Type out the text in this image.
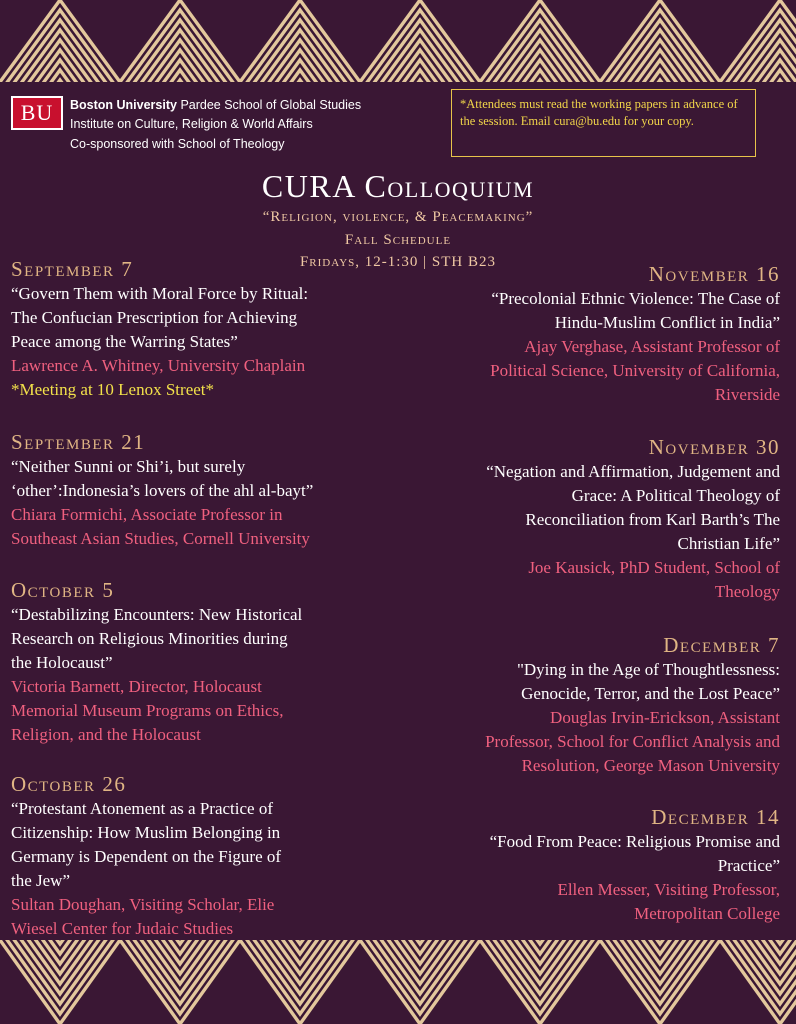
BU	Boston University Pardee School of Global Studies
Institute on Culture, Religion & World Affairs
Co-sponsored with School of Theology
*Attendees must read the working papers in advance of the session. Email cura@bu.edu for your copy.
CURA Colloquium
“Religion, violence, & Peacemaking”
Fall Schedule
Fridays, 12-1:30 | STH B23
September 7
“Govern Them with Moral Force by Ritual:
The Confucian Prescription for Achieving
Peace among the Warring States”
Lawrence A. Whitney, University Chaplain
*Meeting at 10 Lenox Street*
September 21
“Neither Sunni or Shi’i, but surely
‘other’:Indonesia’s lovers of the ahl al-bayt”
Chiara Formichi, Associate Professor in
Southeast Asian Studies, Cornell University
October 5
“Destabilizing Encounters: New Historical
Research on Religious Minorities during
the Holocaust”
Victoria Barnett, Director, Holocaust
Memorial Museum Programs on Ethics,
Religion, and the Holocaust
October 26
“Protestant Atonement as a Practice of
Citizenship: How Muslim Belonging in
Germany is Dependent on the Figure of
the Jew”
Sultan Doughan, Visiting Scholar, Elie
Wiesel Center for Judaic Studies
November 16
“Precolonial Ethnic Violence: The Case of
Hindu-Muslim Conflict in India”
Ajay Verghase, Assistant Professor of
Political Science, University of California,
Riverside
November 30
“Negation and Affirmation, Judgement and
Grace: A Political Theology of
Reconciliation from Karl Barth’s The
Christian Life”
Joe Kausick, PhD Student, School of
Theology
December 7
"Dying in the Age of Thoughtlessness:
Genocide, Terror, and the Lost Peace”
Douglas Irvin-Erickson, Assistant
Professor, School for Conflict Analysis and
Resolution, George Mason University
December 14
“Food From Peace: Religious Promise and
Practice”
Ellen Messer, Visiting Professor,
Metropolitan College
